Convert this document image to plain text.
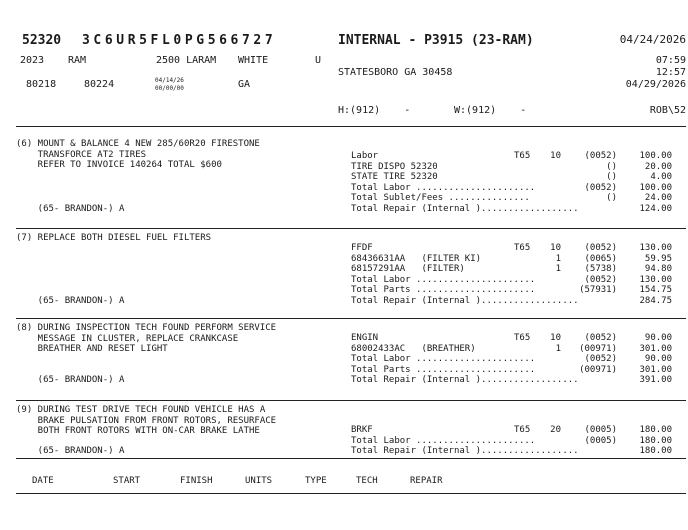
52320 3C6UR5FL0PG566727	INTERNAL - P3915 (23-RAM)	04/24/2026
2023 RAM	2500 LARAM WHITE	U	07:59
STATESBORO GA 30458	12:57
80218	80224	04/14/26
00/00/00	GA	04/29/2026
H:(912)    -	W:(912)    -	ROB\52
(6) MOUNT & BALANCE 4 NEW 285/60R20 FIRESTONE
TRANSFORCE AT2 TIRES
REFER TO INVOICE 140264 TOTAL $600
Labor	T65	10	(0052)	100.00
TIRE DISPO 52320	()	20.00
STATE TIRE 52320	()	4.00
Total Labor ......................	(0052)	100.00
Total Sublet/Fees ...............	()	24.00
Total Repair (Internal )..................	124.00
(65- BRANDON-) A
(7) REPLACE BOTH DIESEL FUEL FILTERS
FFDF	T65	10	(0052)	130.00
68436631AA   (FILTER KI)	1	(0065)	59.95
68157291AA   (FILTER)	1	(5738)	94.80
Total Labor ......................	(0052)	130.00
Total Parts ......................	(57931)	154.75
Total Repair (Internal )..................	284.75
(65- BRANDON-) A
(8) DURING INSPECTION TECH FOUND PERFORM SERVICE
MESSAGE IN CLUSTER, REPLACE CRANKCASE
BREATHER AND RESET LIGHT
ENGIN	T65	10	(0052)	90.00
68002433AC   (BREATHER)	1	(00971)	301.00
Total Labor ......................	(0052)	90.00
Total Parts ......................	(00971)	301.00
Total Repair (Internal )..................	391.00
(65- BRANDON-) A
(9) DURING TEST DRIVE TECH FOUND VEHICLE HAS A
BRAKE PULSATION FROM FRONT ROTORS, RESURFACE
BOTH FRONT ROTORS WITH ON-CAR BRAKE LATHE	BRKF	T65	20	(0005)	180.00
Total Labor ......................	(0005)	180.00
Total Repair (Internal )..................	180.00
(65- BRANDON-) A
DATE	START	FINISH	UNITS	TYPE	TECH	REPAIR
